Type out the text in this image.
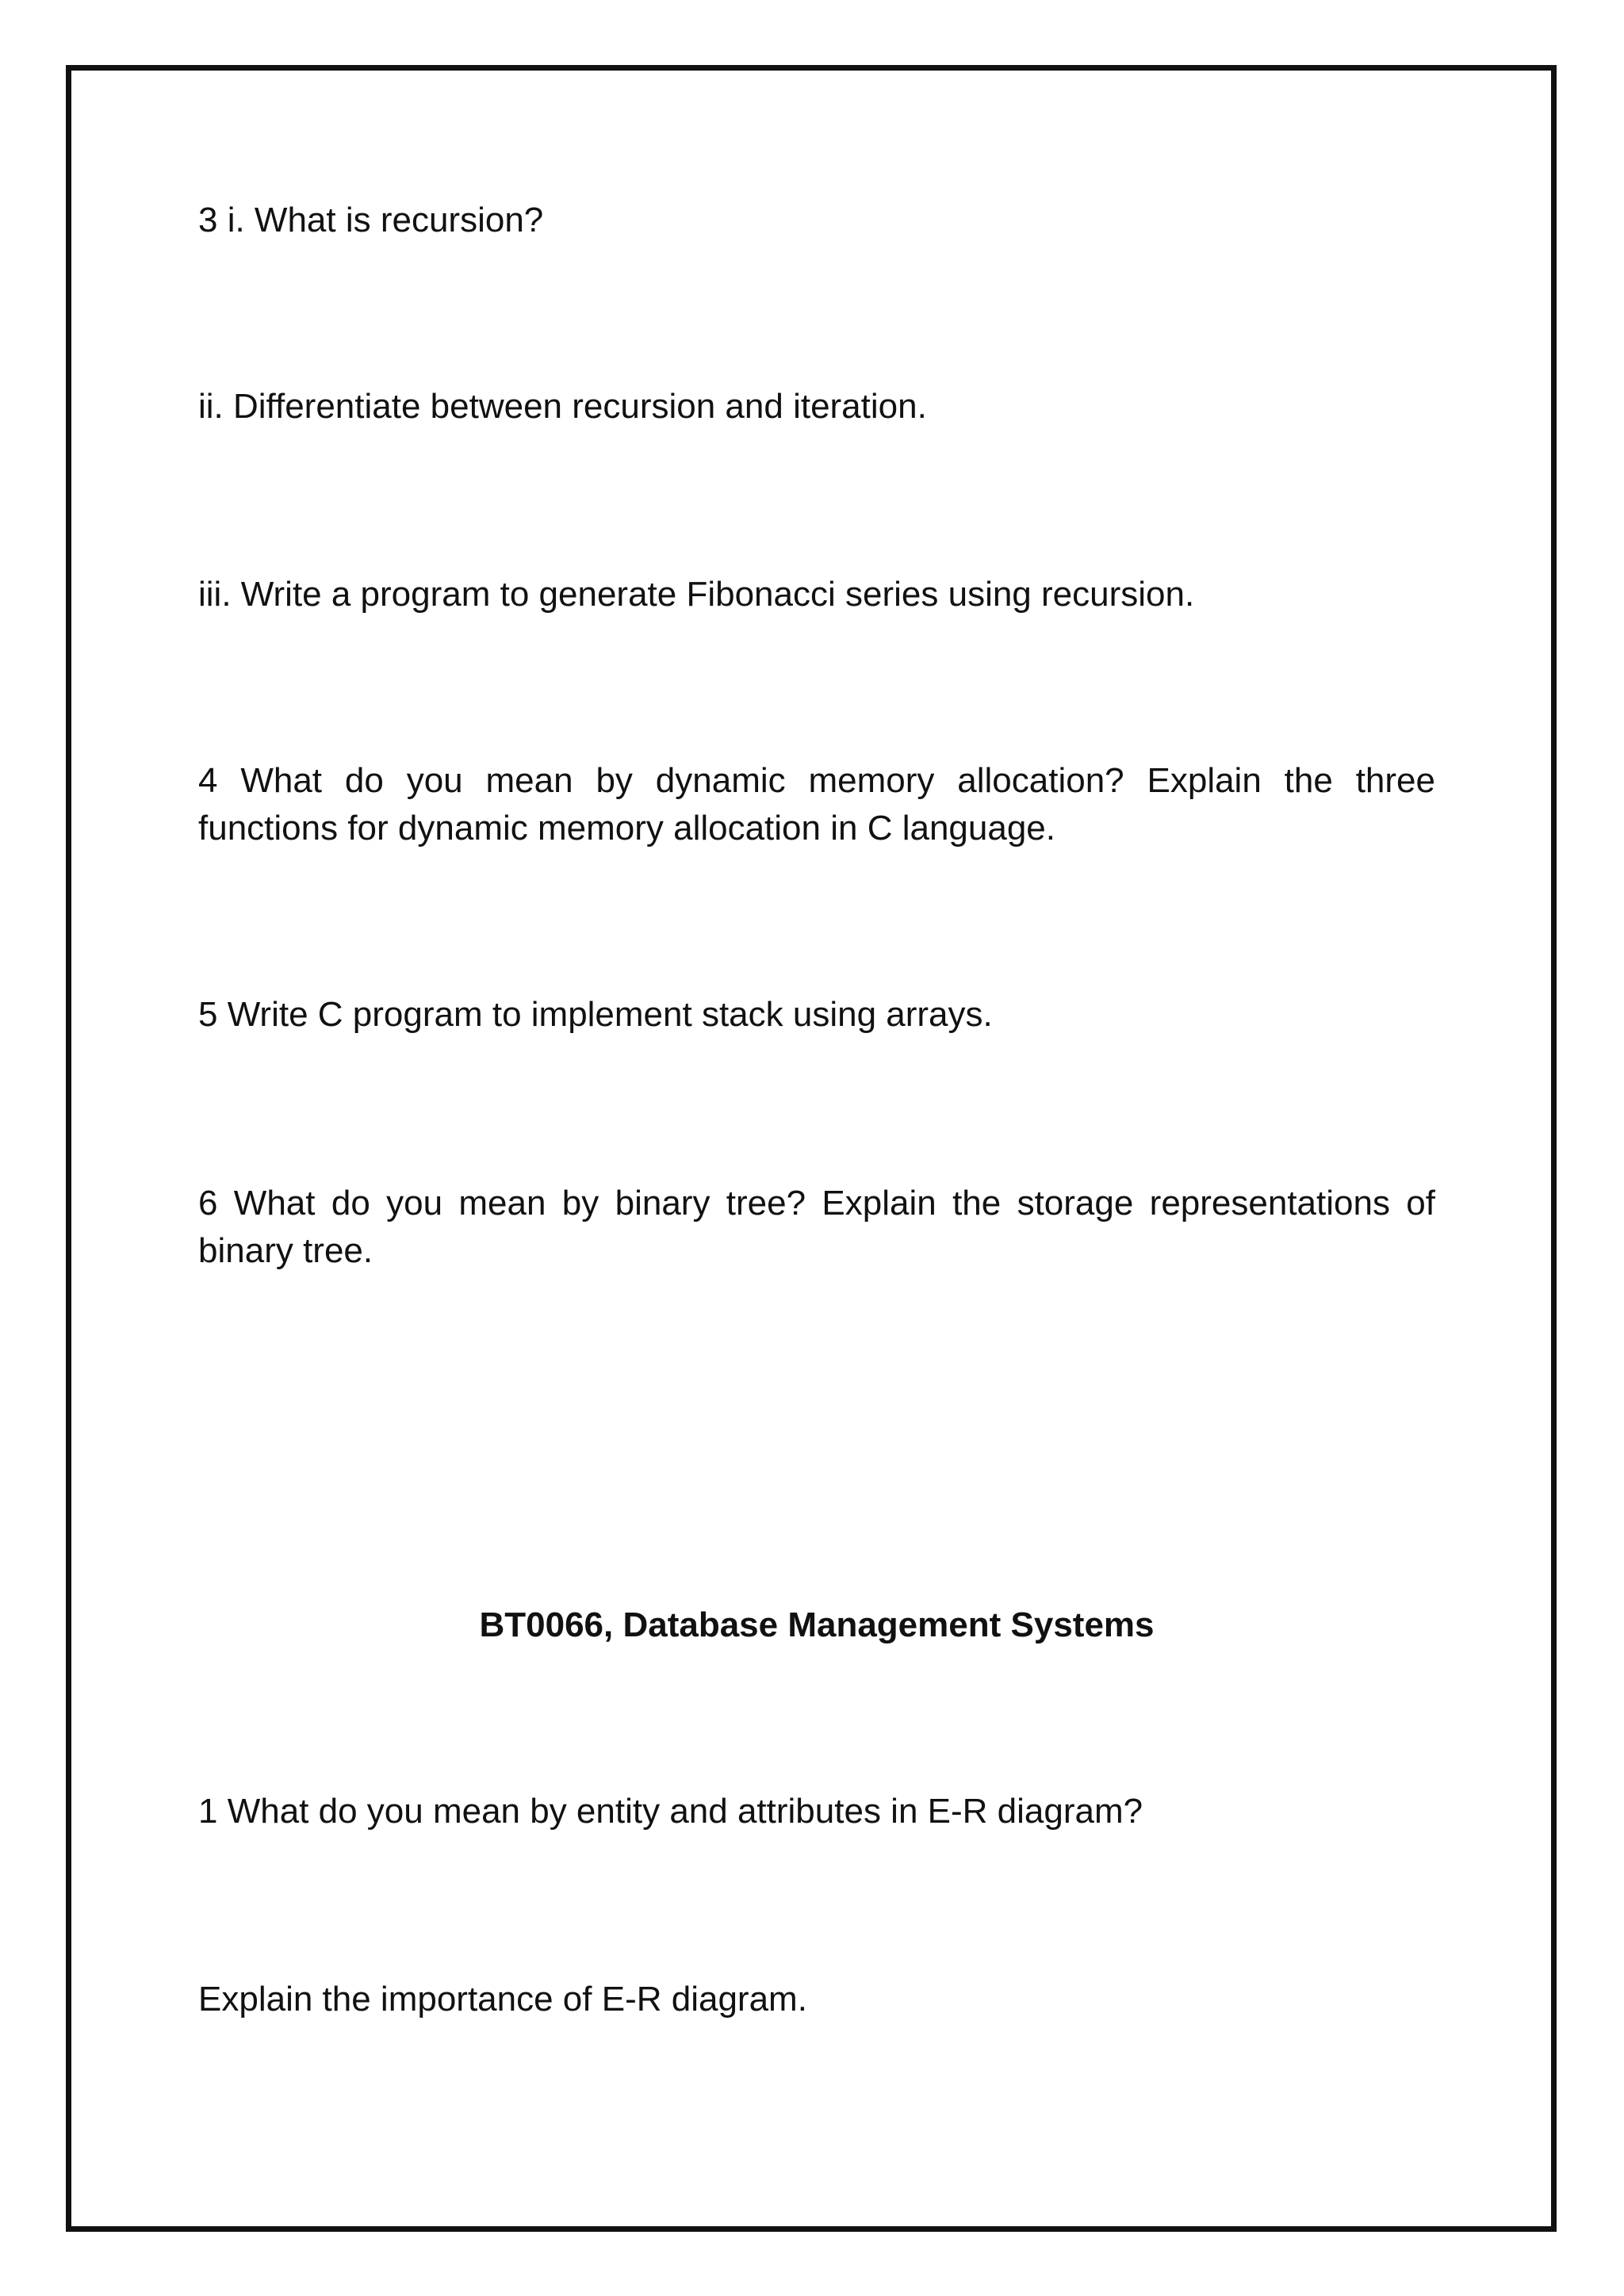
3 i. What is recursion?

ii. Differentiate between recursion and iteration.

iii. Write a program to generate Fibonacci series using recursion.

4 What do you mean by dynamic memory allocation? Explain the three functions for dynamic memory allocation in C language.

5 Write C program to implement stack using arrays.

6 What do you mean by binary tree? Explain the storage representations of binary tree.

BT0066, Database Management Systems

1 What do you mean by entity and attributes in E-R diagram?

Explain the importance of E-R diagram.
